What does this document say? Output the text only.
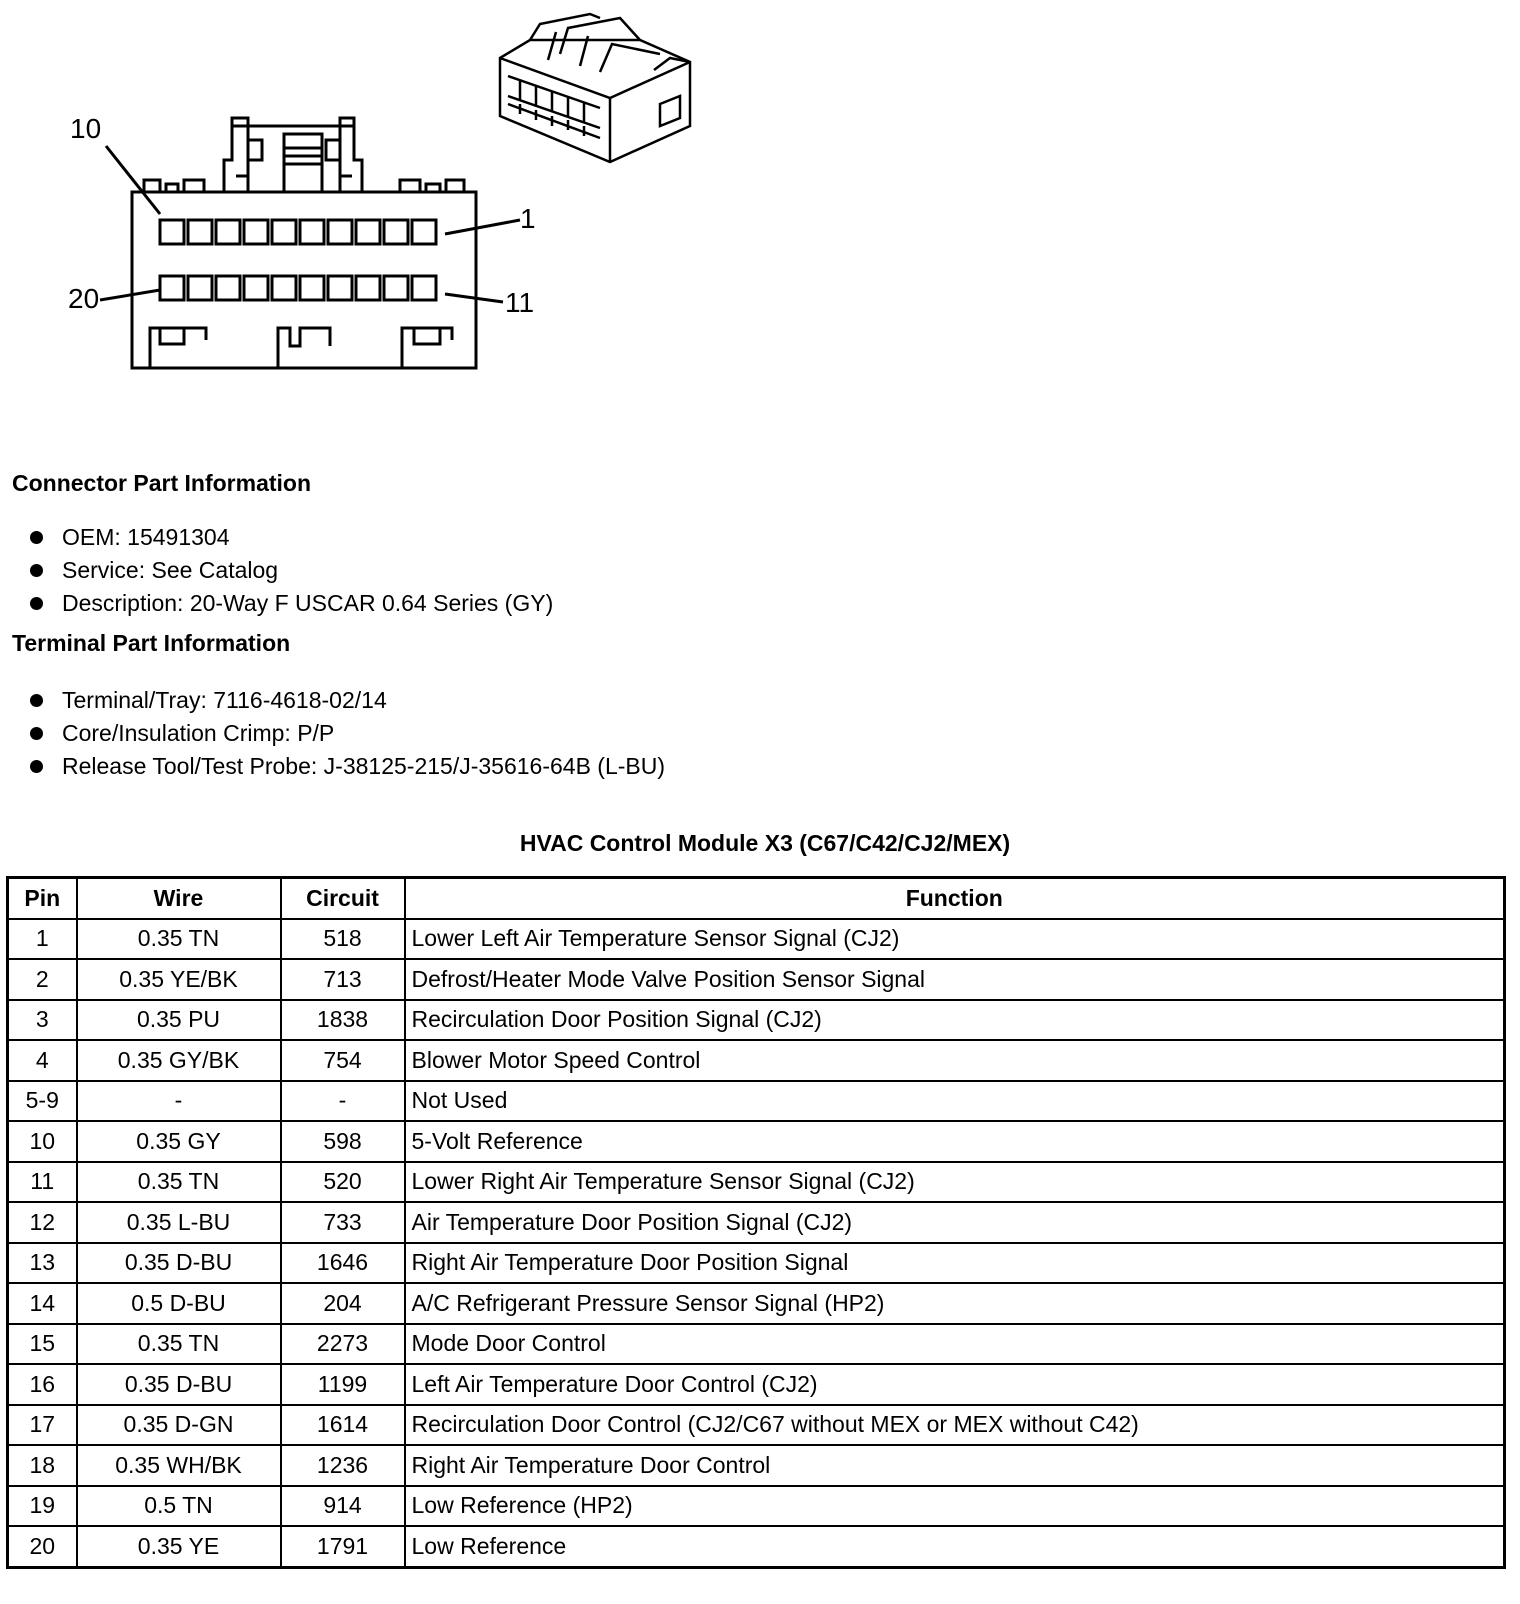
10
1
20	11
Connector Part Information
OEM: 15491304
Service: See Catalog
Description: 20-Way F USCAR 0.64 Series (GY)
Terminal Part Information
Terminal/Tray: 7116-4618-02/14
Core/Insulation Crimp: P/P
Release Tool/Test Probe: J-38125-215/J-35616-64B (L-BU)
HVAC Control Module X3 (C67/C42/CJ2/MEX)
Pin	Wire	Circuit	Function
1	0.35 TN	518	Lower Left Air Temperature Sensor Signal (CJ2)
2	0.35 YE/BK	713	Defrost/Heater Mode Valve Position Sensor Signal
3	0.35 PU	1838	Recirculation Door Position Signal (CJ2)
4	0.35 GY/BK	754	Blower Motor Speed Control
5-9	-	-	Not Used
10	0.35 GY	598	5-Volt Reference
11	0.35 TN	520	Lower Right Air Temperature Sensor Signal (CJ2)
12	0.35 L-BU	733	Air Temperature Door Position Signal (CJ2)
13	0.35 D-BU	1646	Right Air Temperature Door Position Signal
14	0.5 D-BU	204	A/C Refrigerant Pressure Sensor Signal (HP2)
15	0.35 TN	2273	Mode Door Control
16	0.35 D-BU	1199	Left Air Temperature Door Control (CJ2)
17	0.35 D-GN	1614	Recirculation Door Control (CJ2/C67 without MEX or MEX without C42)
18	0.35 WH/BK	1236	Right Air Temperature Door Control
19	0.5 TN	914	Low Reference (HP2)
20	0.35 YE	1791	Low Reference
